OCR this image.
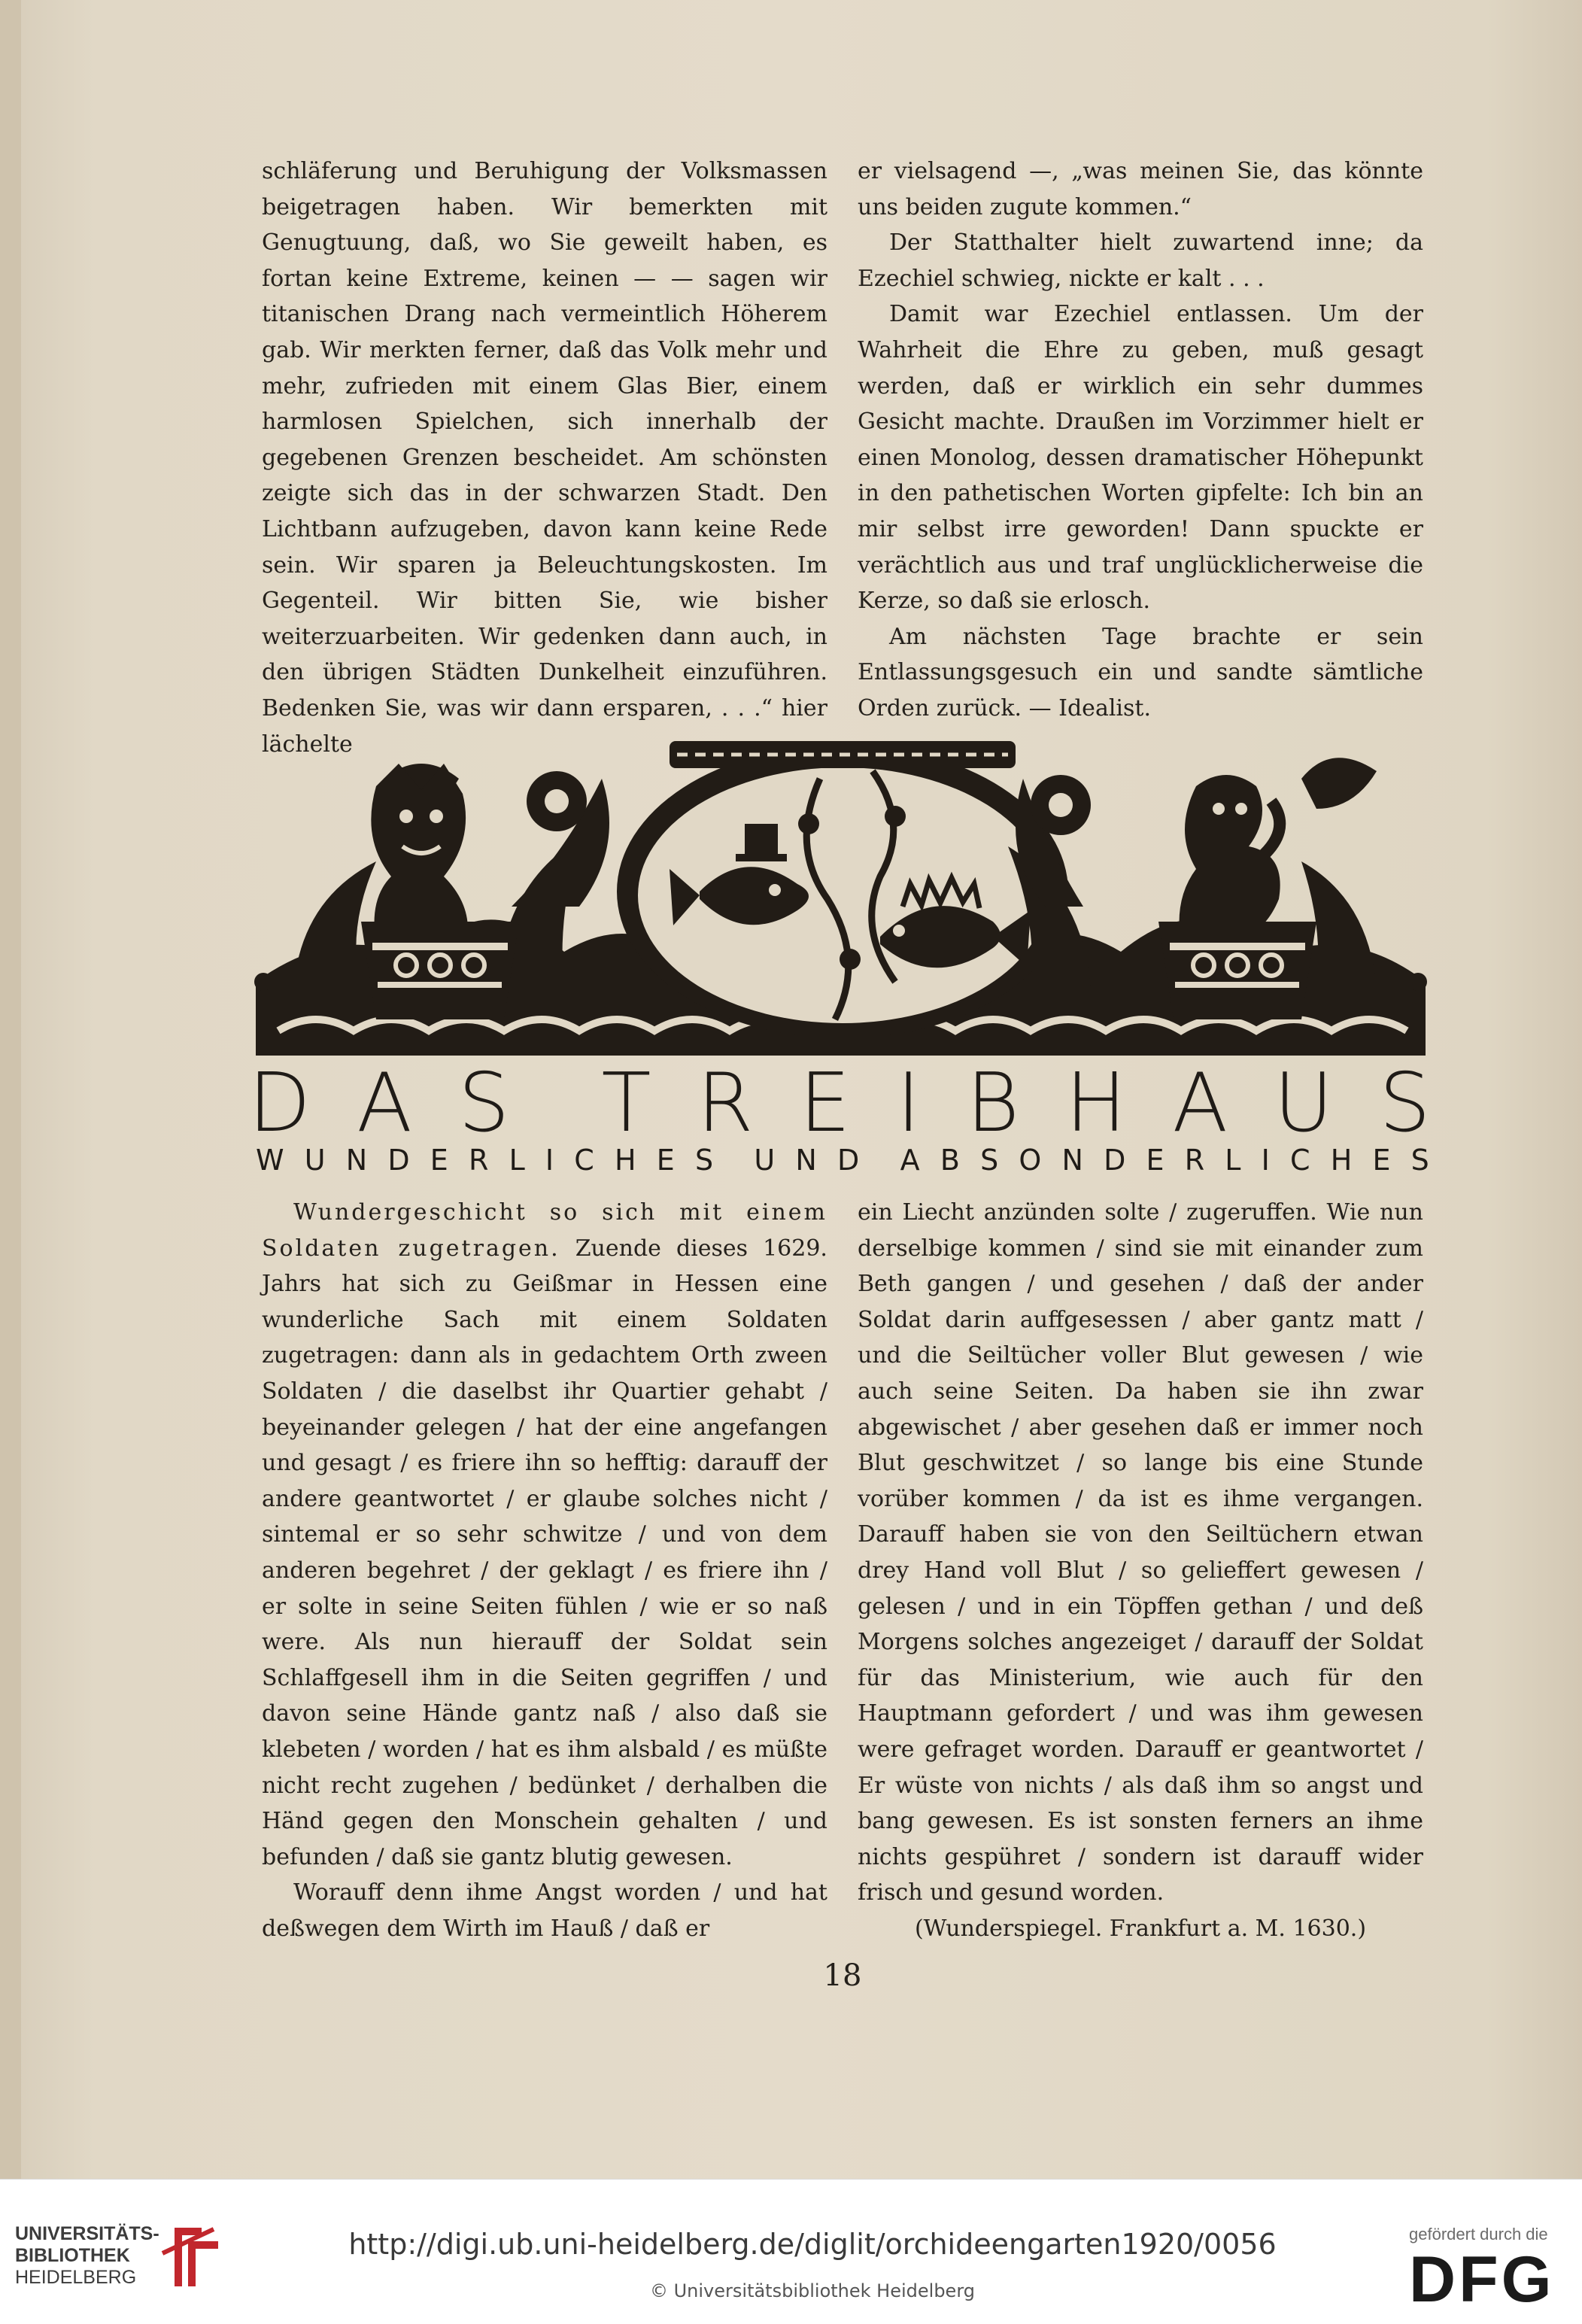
schläferung und Beruhigung der Volksmassen beigetragen haben. Wir bemerkten mit Genugtuung, daß, wo Sie geweilt haben, es fortan keine Extreme, keinen — — sagen wir titanischen Drang nach vermeintlich Höherem gab. Wir merkten ferner, daß das Volk mehr und mehr, zufrieden mit einem Glas Bier, einem harmlosen Spielchen, sich innerhalb der gegebenen Grenzen bescheidet. Am schönsten zeigte sich das in der schwarzen Stadt. Den Lichtbann aufzugeben, davon kann keine Rede sein. Wir sparen ja Beleuchtungskosten. Im Gegenteil. Wir bitten Sie, wie bisher weiterzuarbeiten. Wir gedenken dann auch, in den übrigen Städten Dunkelheit einzuführen. Bedenken Sie, was wir dann ersparen, . . .“ hier lächelte

er vielsagend —, „was meinen Sie, das könnte uns beiden zugute kommen.“

Der Statthalter hielt zuwartend inne; da Ezechiel schwieg, nickte er kalt . . .

Damit war Ezechiel entlassen. Um der Wahrheit die Ehre zu geben, muß gesagt werden, daß er wirklich ein sehr dummes Gesicht machte. Draußen im Vorzimmer hielt er einen Monolog, dessen dramatischer Höhepunkt in den pathetischen Worten gipfelte: Ich bin an mir selbst irre geworden! Dann spuckte er verächtlich aus und traf unglücklicherweise die Kerze, so daß sie erlosch.

Am nächsten Tage brachte er sein Entlassungsgesuch ein und sandte sämtliche Orden zurück. — Idealist.

D A S T R E I B H A U S
W U N D E R L I C H E S U N D A B S O N D E R L I C H E S

Wundergeschicht so sich mit einem Soldaten zugetragen. Zuende dieses 1629. Jahrs hat sich zu Geißmar in Hessen eine wunderliche Sach mit einem Soldaten zugetragen: dann als in gedachtem Orth zween Soldaten / die daselbst ihr Quartier gehabt / beyeinander gelegen / hat der eine angefangen und gesagt / es friere ihn so hefftig: darauff der andere geantwortet / er glaube solches nicht / sintemal er so sehr schwitze / und von dem anderen begehret / der geklagt / es friere ihn / er solte in seine Seiten fühlen / wie er so naß were. Als nun hierauff der Soldat sein Schlaffgesell ihm in die Seiten gegriffen / und davon seine Hände gantz naß / also daß sie klebeten / worden / hat es ihm alsbald / es müßte nicht recht zugehen / bedünket / derhalben die Händ gegen den Monschein gehalten / und befunden / daß sie gantz blutig gewesen.

Worauff denn ihme Angst worden / und hat deßwegen dem Wirth im Hauß / daß er

ein Liecht anzünden solte / zugeruffen. Wie nun derselbige kommen / sind sie mit einander zum Beth gangen / und gesehen / daß der ander Soldat darin auffgesessen / aber gantz matt / und die Seiltücher voller Blut gewesen / wie auch seine Seiten. Da haben sie ihn zwar abgewischet / aber gesehen daß er immer noch Blut geschwitzet / so lange bis eine Stunde vorüber kommen / da ist es ihme vergangen. Darauff haben sie von den Seiltüchern etwan drey Hand voll Blut / so gelieffert gewesen / gelesen / und in ein Töpffen gethan / und deß Morgens solches angezeiget / darauff der Soldat für das Ministerium, wie auch für den Hauptmann gefordert / und was ihm gewesen were gefraget worden. Darauff er geantwortet / Er wüste von nichts / als daß ihm so angst und bang gewesen. Es ist sonsten ferners an ihme nichts gespühret / sondern ist darauff wider frisch und gesund worden.

(Wunderspiegel. Frankfurt a. M. 1630.)

18
UNIVERSITÄTS-
BIBLIOTHEK
HEIDELBERG
http://digi.ub.uni-heidelberg.de/diglit/orchideengarten1920/0056
© Universitätsbibliothek Heidelberg
gefördert durch die
DFG
